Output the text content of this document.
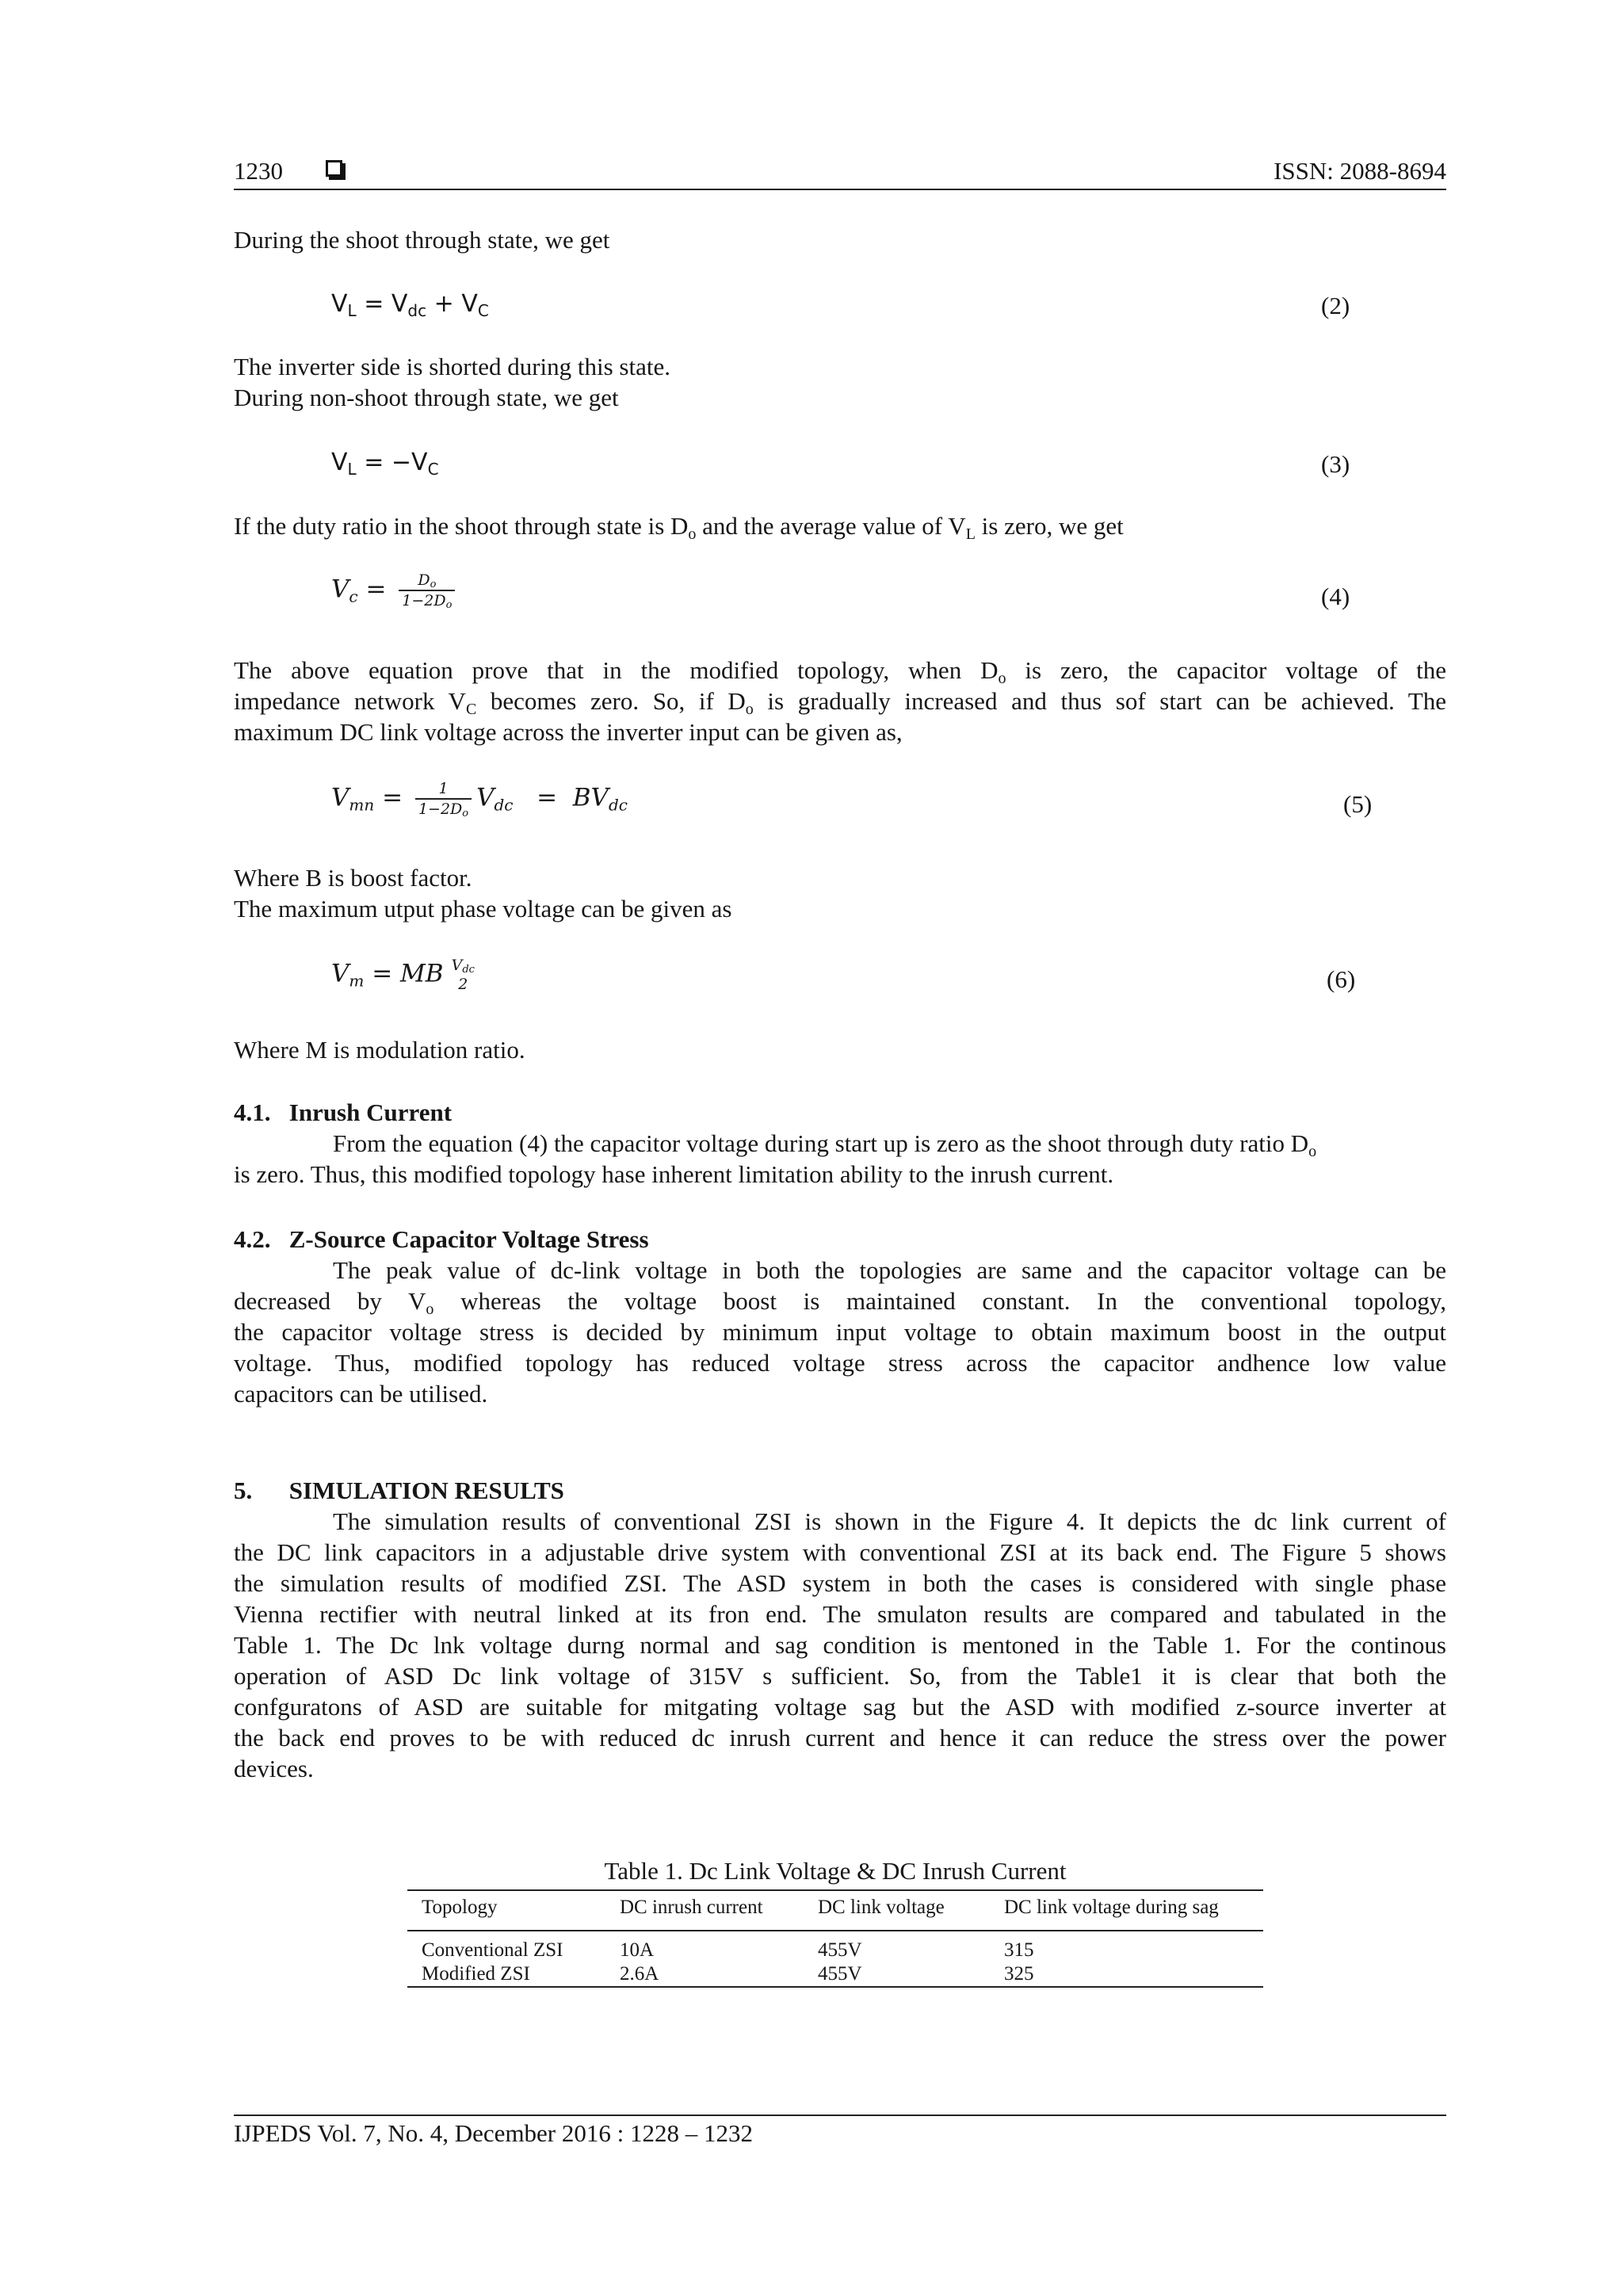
1230	ISSN: 2088-8694
During the shoot through state, we get
$V_L = V_{dc} + V_C$	(2)
The inverter side is shorted during this state.
During non-shoot through state, we get
$V_L = -V_C$	(3)
If the duty ratio in the shoot through state is $D_o$ and the average value of $V_L$ is zero, we get
$V_c = \frac{D_o}{1-2D_o}$	(4)
The above equation prove that in the modified topology, when $D_o$ is zero, the capacitor voltage of the
impedance network $V_C$ becomes zero. So, if $D_o$ is gradually increased and thus sof start can be achieved. The
maximum DC link voltage across the inverter input can be given as,
$V_{mn} = \frac{1}{1-2D_o} V_{dc} = BV_{dc}$	(5)
Where B is boost factor.
The maximum utput phase voltage can be given as
$V_m$ = MB $V_{dc}$
2	(6)
Where M is modulation ratio.
4.1. Inrush Current
From the equation (4) the capacitor voltage during start up is zero as the shoot through duty ratio $D_o$
is zero. Thus, this modified topology hase inherent limitation ability to the inrush current.
4.2. Z-Source Capacitor Voltage Stress
The peak value of dc-link voltage in both the topologies are same and the capacitor voltage can be
decreased by $V_o$ whereas the voltage boost is maintained constant. In the conventional topology,
the capacitor voltage stress is decided by minimum input voltage to obtain maximum boost in the output
voltage. Thus, modified topology has reduced voltage stress across the capacitor andhence low value
capacitors can be utilised.
5. SIMULATION RESULTS
The simulation results of conventional ZSI is shown in the Figure 4. It depicts the dc link current of
the DC link capacitors in a adjustable drive system with conventional ZSI at its back end. The Figure 5 shows
the simulation results of modified ZSI. The ASD system in both the cases is considered with single phase
Vienna rectifier with neutral linked at its fron end. The smulaton results are compared and tabulated in the
Table 1. The Dc lnk voltage durng normal and sag condition is mentoned in the Table 1. For the continous
operation of ASD Dc link voltage of 315V s sufficient. So, from the Table1 it is clear that both the
confguratons of ASD are suitable for mitgating voltage sag but the ASD with modified z-source inverter at
the back end proves to be with reduced dc inrush current and hence it can reduce the stress over the power
devices.
Table 1. Dc Link Voltage & DC Inrush Current
Topology	DC inrush current	DC link voltage	DC link voltage during sag

Conventional ZSI	10A	455V	315
Modified ZSI	2.6A	455V	325
IJPEDS Vol. 7, No. 4, December 2016 : 1228 – 1232
